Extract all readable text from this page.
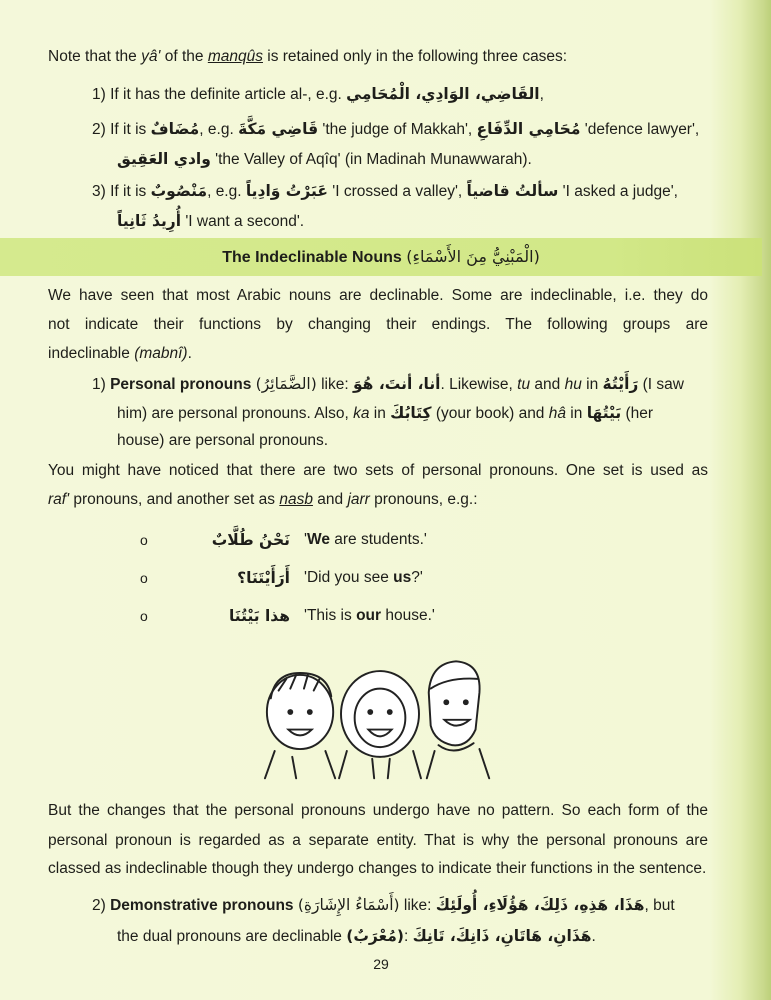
Note that the yâ' of the manqûs is retained only in the following three cases:
1) If it has the definite article al-, e.g. القَاضِي، الوَادِي، الْمُحَامِي,
2) If it is مُضَافٌ, e.g. قَاضِي مَكَّةَ 'the judge of Makkah', مُحَامِي الدِّفَاعِ 'defence lawyer',
وادي العَقِيق 'the Valley of Aqîq' (in Madinah Munawwarah).
3) If it is مَنْصُوبٌ, e.g. عَبَرْتُ وَادِياً 'I crossed a valley', سألتُ قاضياً 'I asked a judge',
أُرِيدُ ثَانِياً 'I want a second'.
The Indeclinable Nouns (الْمَبْنِيُّ مِنَ الأَسْمَاءِ)
We have seen that most Arabic nouns are declinable. Some are indeclinable, i.e. they do
not indicate their functions by changing their endings. The following groups are
indeclinable (mabnî).
1) Personal pronouns (الضَّمَائِرُ) like: أنا، أنتَ، هُوَ. Likewise, tu and hu in رَأَيْتُهُ (I saw
him) are personal pronouns. Also, ka in كِتَابُكَ (your book) and hâ in بَيْتُهَا (her
house) are personal pronouns.
You might have noticed that there are two sets of personal pronouns. One set is used as
raf' pronouns, and another set as nasb and jarr pronouns, e.g.:
o	نَحْنُ طُلَّابٌ 'We are students.'
o	أَرَأَيْتَنَا؟ 'Did you see us?'
o	هذا بَيْتُنَا 'This is our house.'
But the changes that the personal pronouns undergo have no pattern. So each form of the
personal pronoun is regarded as a separate entity. That is why the personal pronouns are
classed as indeclinable though they undergo changes to indicate their functions in the sentence.
2) Demonstrative pronouns (أَسْمَاءُ الإِشَارَةِ) like: هَذَا، هَذِهِ، ذَلِكَ، هَؤُلَاءِ، أُولَئِكَ, but
the dual pronouns are declinable (مُعْرَبٌ): هَذَانِ، هَاتَانِ، ذَانِكَ، تَانِكَ.
29
